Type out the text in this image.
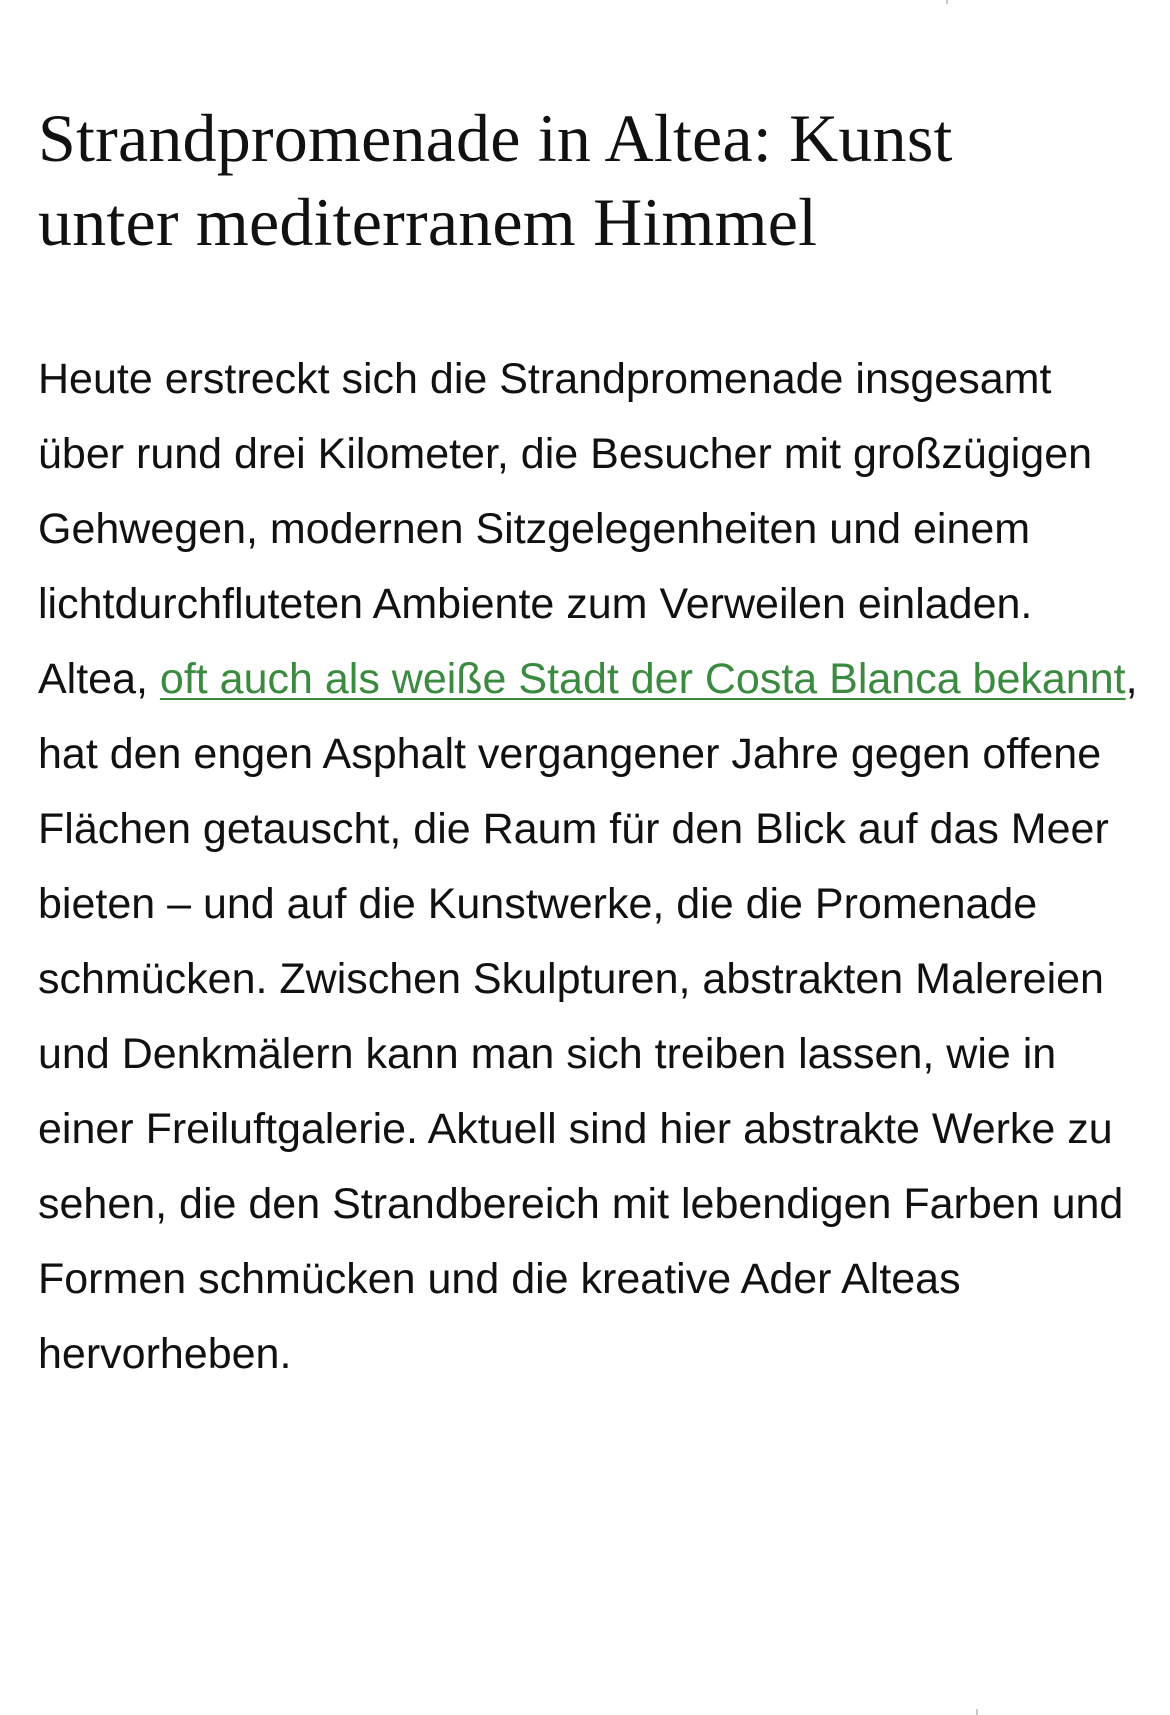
Strandpromenade in Altea: Kunst
unter mediterranem Himmel

Heute erstreckt sich die Strandpromenade insgesamt über rund drei Kilometer, die Besucher mit großzügigen Gehwegen, modernen Sitzgelegenheiten und einem lichtdurchfluteten Ambiente zum Verweilen einladen. Altea, oft auch als weiße Stadt der Costa Blanca bekannt, hat den engen Asphalt vergangener Jahre gegen offene Flächen getauscht, die Raum für den Blick auf das Meer bieten – und auf die Kunstwerke, die die Promenade schmücken. Zwischen Skulpturen, abstrakten Malereien und Denkmälern kann man sich treiben lassen, wie in einer Freiluftgalerie. Aktuell sind hier abstrakte Werke zu sehen, die den Strandbereich mit lebendigen Farben und Formen schmücken und die kreative Ader Alteas hervorheben.
